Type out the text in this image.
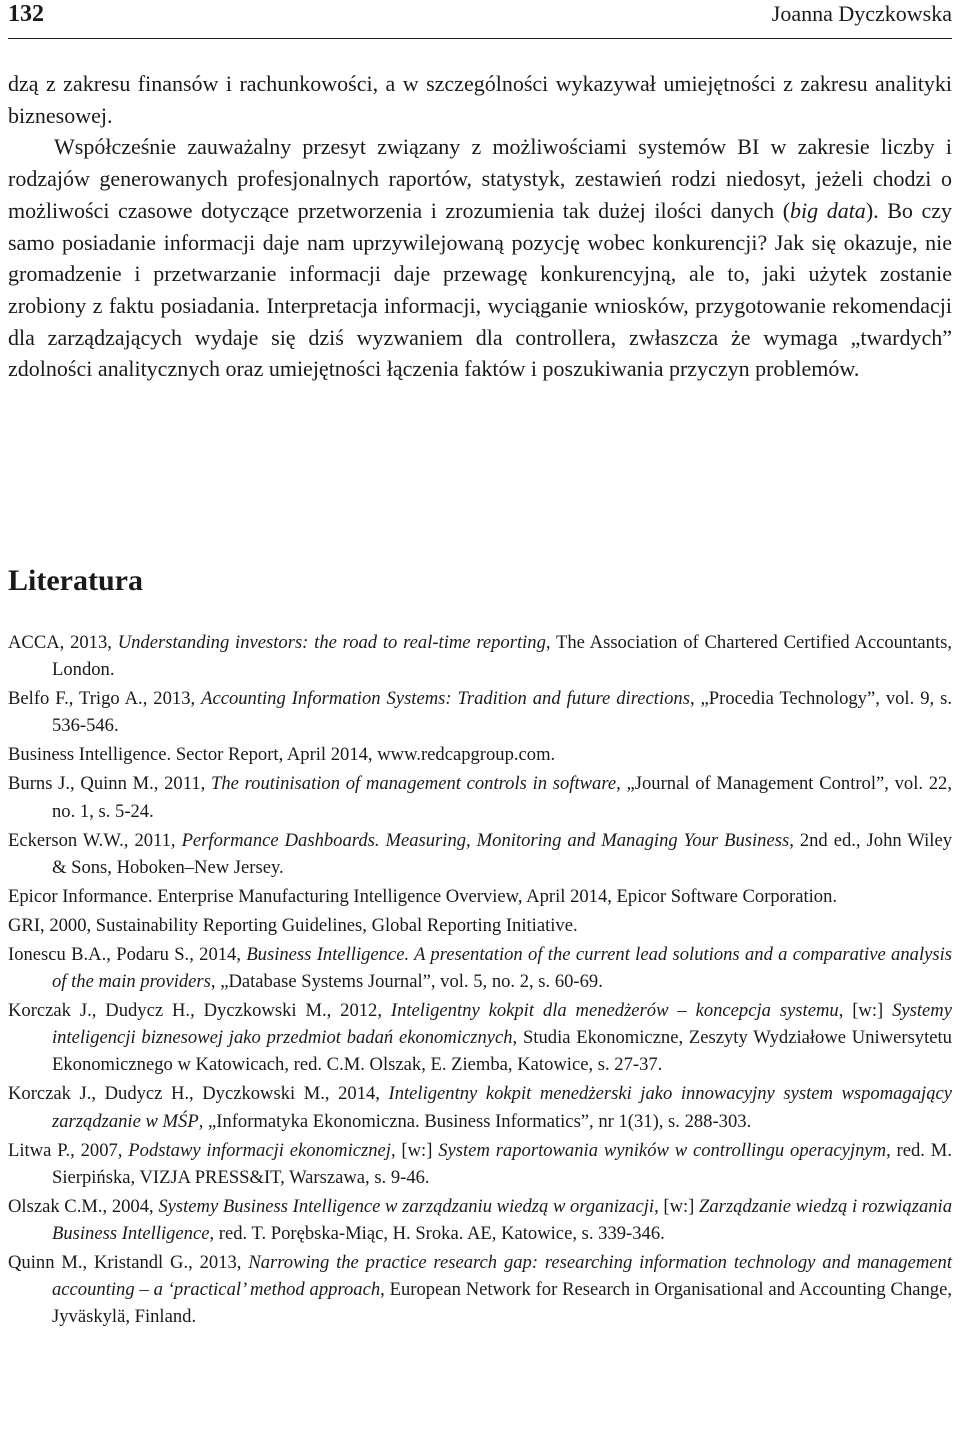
132	Joanna Dyczkowska

dzą z zakresu finansów i rachunkowości, a w szczególności wykazywał umiejętności z zakresu analityki biznesowej.

Współcześnie zauważalny przesyt związany z możliwościami systemów BI w zakresie liczby i rodzajów generowanych profesjonalnych raportów, statystyk, zestawień rodzi niedosyt, jeżeli chodzi o możliwości czasowe dotyczące przetworzenia i zrozumienia tak dużej ilości danych (big data). Bo czy samo posiadanie informacji daje nam uprzywilejowaną pozycję wobec konkurencji? Jak się okazuje, nie gromadzenie i przetwarzanie informacji daje przewagę konkurencyjną, ale to, jaki użytek zostanie zrobiony z faktu posiadania. Interpretacja informacji, wyciąganie wniosków, przygotowanie rekomendacji dla zarządzających wydaje się dziś wyzwaniem dla controllera, zwłaszcza że wymaga „twardych” zdolności analitycznych oraz umiejętności łączenia faktów i poszukiwania przyczyn problemów.

Literatura
ACCA, 2013, Understanding investors: the road to real-time reporting, The Association of Chartered Certified Accountants, London.
Belfo F., Trigo A., 2013, Accounting Information Systems: Tradition and future directions, „Procedia Technology”, vol. 9, s. 536-546.
Business Intelligence. Sector Report, April 2014, www.redcapgroup.com.
Burns J., Quinn M., 2011, The routinisation of management controls in software, „Journal of Management Control”, vol. 22, no. 1, s. 5-24.
Eckerson W.W., 2011, Performance Dashboards. Measuring, Monitoring and Managing Your Business, 2nd ed., John Wiley & Sons, Hoboken–New Jersey.
Epicor Informance. Enterprise Manufacturing Intelligence Overview, April 2014, Epicor Software Corporation.
GRI, 2000, Sustainability Reporting Guidelines, Global Reporting Initiative.
Ionescu B.A., Podaru S., 2014, Business Intelligence. A presentation of the current lead solutions and a comparative analysis of the main providers, „Database Systems Journal”, vol. 5, no. 2, s. 60-69.
Korczak J., Dudycz H., Dyczkowski M., 2012, Inteligentny kokpit dla menedżerów – koncepcja systemu, [w:] Systemy inteligencji biznesowej jako przedmiot badań ekonomicznych, Studia Ekonomiczne, Zeszyty Wydziałowe Uniwersytetu Ekonomicznego w Katowicach, red. C.M. Olszak, E. Ziemba, Katowice, s. 27-37.
Korczak J., Dudycz H., Dyczkowski M., 2014, Inteligentny kokpit menedżerski jako innowacyjny system wspomagający zarządzanie w MŚP, „Informatyka Ekonomiczna. Business Informatics”, nr 1(31), s. 288-303.
Litwa P., 2007, Podstawy informacji ekonomicznej, [w:] System raportowania wyników w controllingu operacyjnym, red. M. Sierpińska, VIZJA PRESS&IT, Warszawa, s. 9-46.
Olszak C.M., 2004, Systemy Business Intelligence w zarządzaniu wiedzą w organizacji, [w:] Zarządzanie wiedzą i rozwiązania Business Intelligence, red. T. Porębska-Miąc, H. Sroka. AE, Katowice, s. 339-346.
Quinn M., Kristandl G., 2013, Narrowing the practice research gap: researching information technology and management accounting – a ‘practical’ method approach, European Network for Research in Organisational and Accounting Change, Jyväskylä, Finland.
